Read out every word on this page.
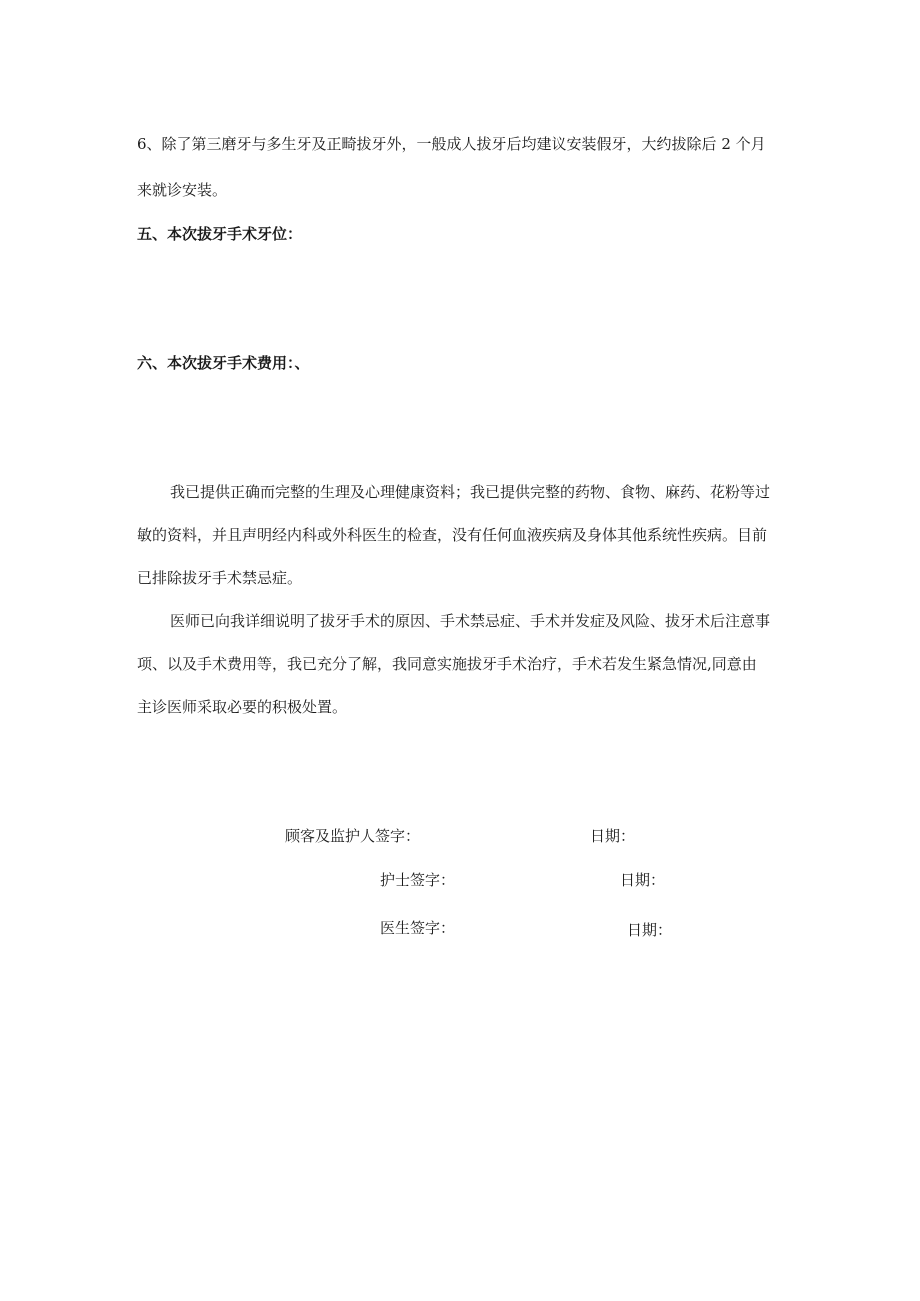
6、除了第三磨牙与多生牙及正畸拔牙外，一般成人拔牙后均建议安装假牙，大约拔除后 2 个月
来就诊安装。
五、本次拔牙手术牙位：
六、本次拔牙手术费用：、
我已提供正确而完整的生理及心理健康资料；我已提供完整的药物、食物、麻药、花粉等过
敏的资料，并且声明经内科或外科医生的检查，没有任何血液疾病及身体其他系统性疾病。目前
已排除拔牙手术禁忌症。
医师已向我详细说明了拔牙手术的原因、手术禁忌症、手术并发症及风险、拔牙术后注意事
项、以及手术费用等，我已充分了解，我同意实施拔牙手术治疗，手术若发生紧急情况,同意由
主诊医师采取必要的积极处置。
顾客及监护人签字：	日期：
护士签字：	日期：
医生签字：	日期：
